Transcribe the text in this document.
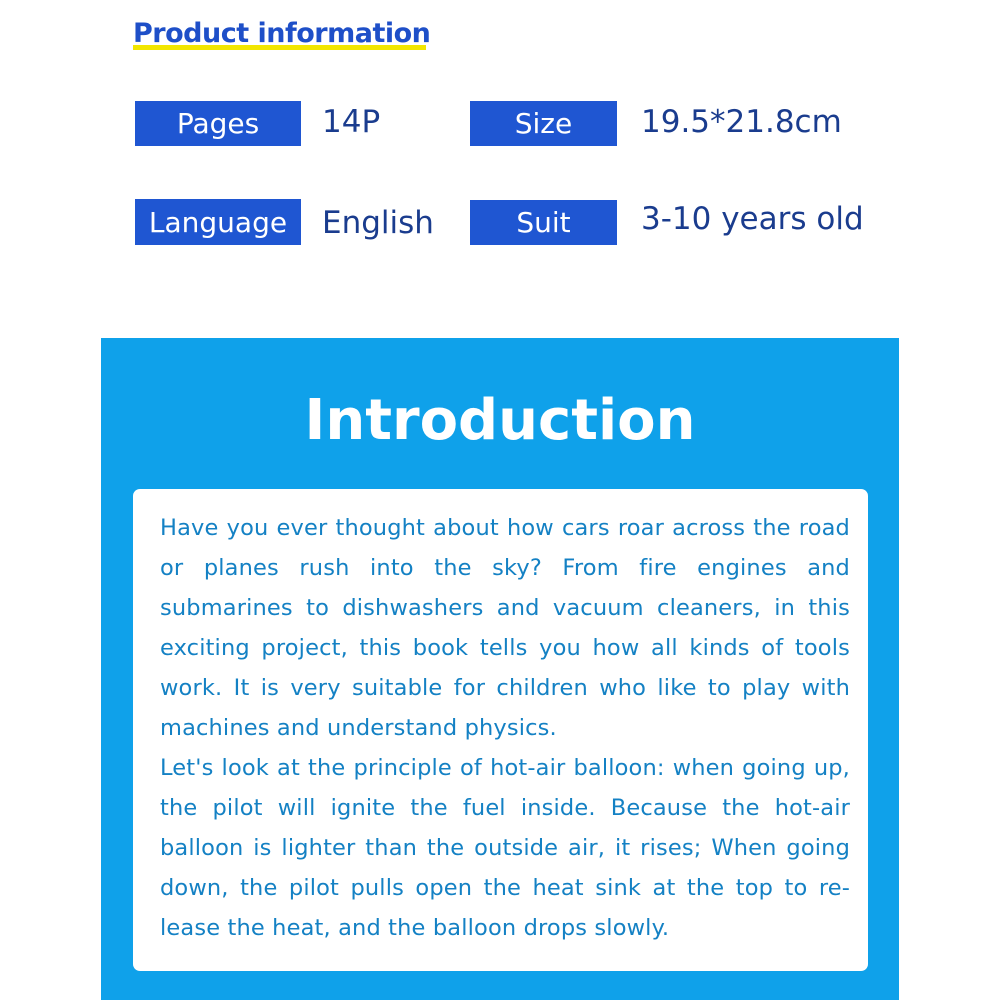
Product information
Pages	14P	Size	19.5*21.8cm
Language	English	Suit	3-10 years old
Introduction

Have you ever thought about how cars roar across the road or planes rush into the sky? From fire engines and submarines to dishwashers and vacuum cleaners, in this exciting project, this book tells you how all kinds of tools work. It is very suitable for children who like to play with machines and understand physics.

Let's look at the principle of hot-air balloon: when going up, the pilot will ignite the fuel inside. Because the hot-air balloon is lighter than the outside air, it rises; When going down, the pilot pulls open the heat sink at the top to re-lease the heat, and the balloon drops slowly.
